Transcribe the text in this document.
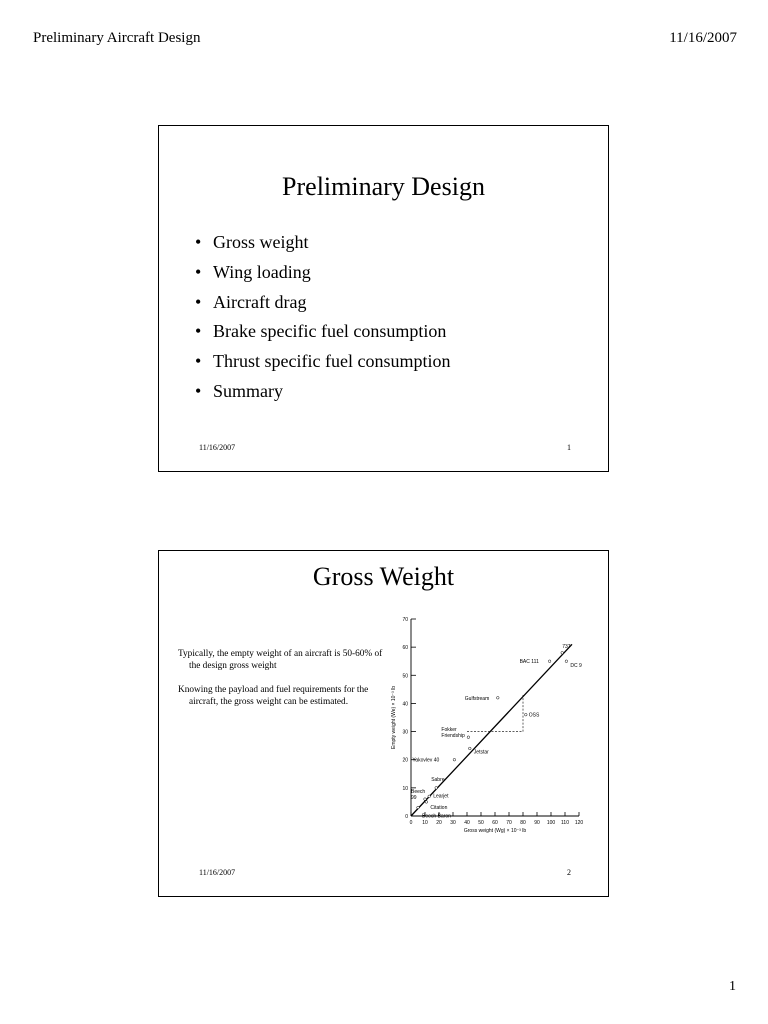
Preliminary Aircraft Design	11/16/2007
Preliminary Design
• Gross weight
• Wing loading
• Aircraft drag
• Brake specific fuel consumption
• Thrust specific fuel consumption
• Summary
11/16/2007	1
Gross Weight
Typically, the empty weight of an aircraft is 50-60% of the design gross weight
Knowing the payload and fuel requirements for the aircraft, the gross weight can be estimated.
0 10 20 30 40 50 60 70 80 90 100 110 120
0
10
20
30
40
50
60
70
Gross weight (Wg) × 10⁻³ lb
Empty weight (We) × 10⁻³ lb
Beech
99	Learjet
Citation
Beech Baron
Sabre
Yakovlev 40
Fokker
Friendship
Jetstar
Gulfstream
OSS
BAC 111
737
DC 9
11/16/2007	2
1
